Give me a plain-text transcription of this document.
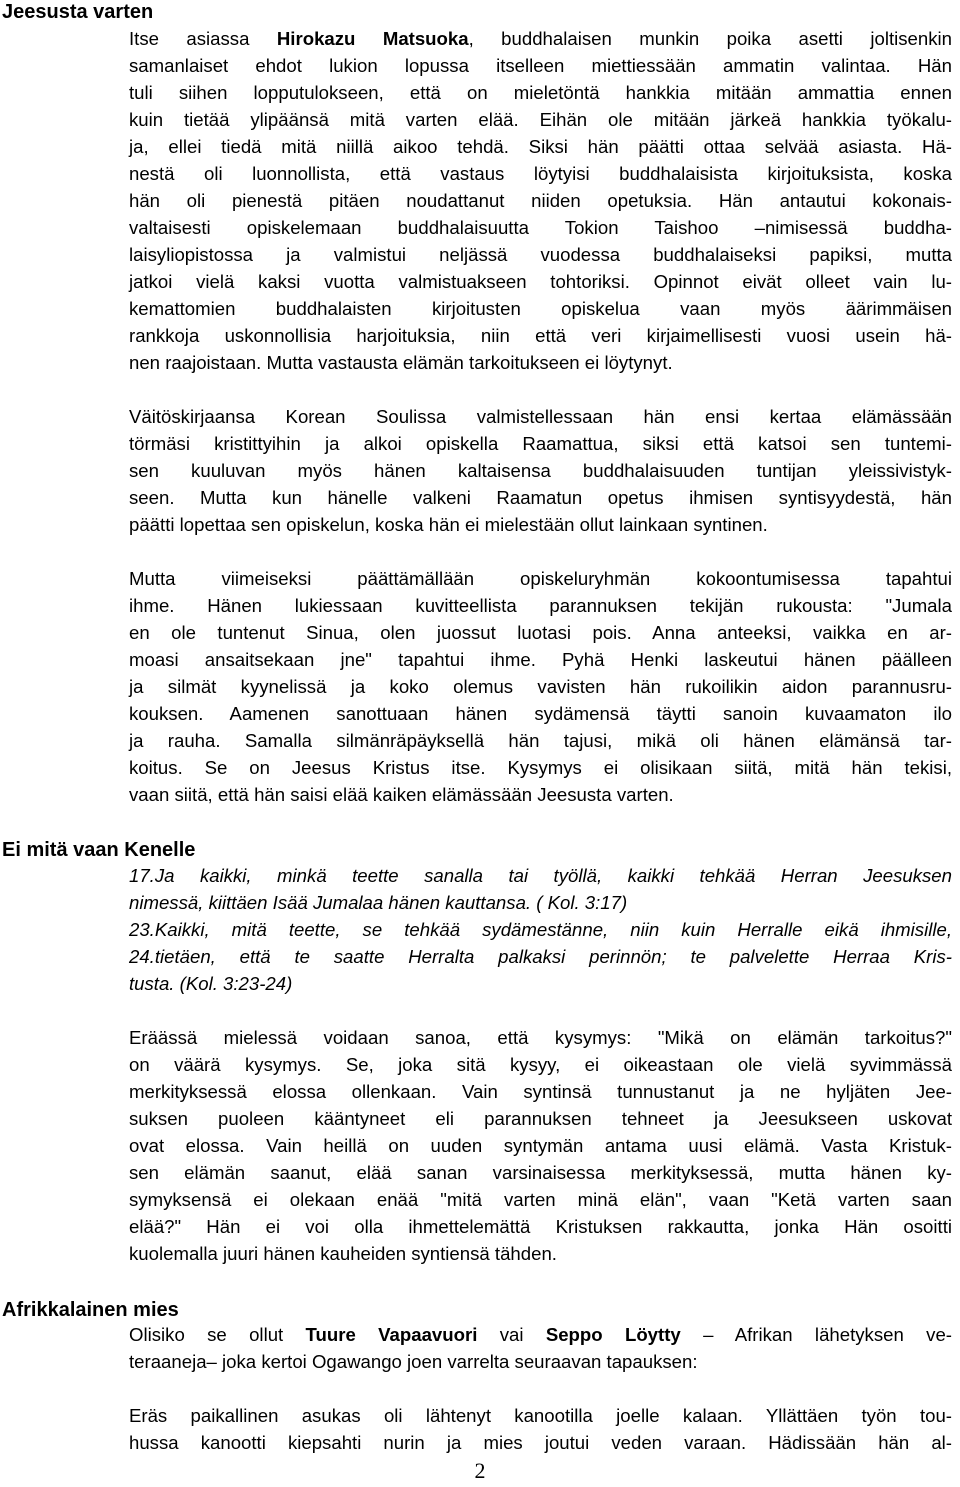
Jeesusta varten
Ei mitä vaan Kenelle
Afrikkalainen mies
Itse asiassa Hirokazu Matsuoka, buddhalaisen munkin poika asetti joltisenkin
samanlaiset ehdot lukion lopussa itselleen miettiessään ammatin valintaa. Hän
tuli siihen lopputulokseen, että on mieletöntä hankkia mitään ammattia ennen
kuin tietää ylipäänsä mitä varten elää. Eihän ole mitään järkeä hankkia työkalu-
ja, ellei tiedä mitä niillä aikoo tehdä. Siksi hän päätti ottaa selvää asiasta. Hä-
nestä oli luonnollista, että vastaus löytyisi buddhalaisista kirjoituksista, koska
hän oli pienestä pitäen noudattanut niiden opetuksia. Hän antautui kokonais-
valtaisesti opiskelemaan buddhalaisuutta Tokion Taishoo –nimisessä buddha-
laisyliopistossa ja valmistui neljässä vuodessa buddhalaiseksi papiksi, mutta
jatkoi vielä kaksi vuotta valmistuakseen tohtoriksi. Opinnot eivät olleet vain lu-
kemattomien buddhalaisten kirjoitusten opiskelua vaan myös äärimmäisen
rankkoja uskonnollisia harjoituksia, niin että veri kirjaimellisesti vuosi usein hä-
nen raajoistaan. Mutta vastausta elämän tarkoitukseen ei löytynyt.
Väitöskirjaansa Korean Soulissa valmistellessaan hän ensi kertaa elämässään
törmäsi kristittyihin ja alkoi opiskella Raamattua, siksi että katsoi sen tuntemi-
sen kuuluvan myös hänen kaltaisensa buddhalaisuuden tuntijan yleissivistyk-
seen. Mutta kun hänelle valkeni Raamatun opetus ihmisen syntisyydestä, hän
päätti lopettaa sen opiskelun, koska hän ei mielestään ollut lainkaan syntinen.
Mutta viimeiseksi päättämällään opiskeluryhmän kokoontumisessa tapahtui
ihme. Hänen lukiessaan kuvitteellista parannuksen tekijän rukousta: "Jumala
en ole tuntenut Sinua, olen juossut luotasi pois. Anna anteeksi, vaikka en ar-
moasi ansaitsekaan jne" tapahtui ihme. Pyhä Henki laskeutui hänen päälleen
ja silmät kyynelissä ja koko olemus vavisten hän rukoilikin aidon parannusru-
kouksen. Aamenen sanottuaan hänen sydämensä täytti sanoin kuvaamaton ilo
ja rauha. Samalla silmänräpäyksellä hän tajusi, mikä oli hänen elämänsä tar-
koitus. Se on Jeesus Kristus itse. Kysymys ei olisikaan siitä, mitä hän tekisi,
vaan siitä, että hän saisi elää kaiken elämässään Jeesusta varten.
17.Ja kaikki, minkä teette sanalla tai työllä, kaikki tehkää Herran Jeesuksen
nimessä, kiittäen Isää Jumalaa hänen kauttansa. ( Kol. 3:17)
23.Kaikki, mitä teette, se tehkää sydämestänne, niin kuin Herralle eikä ihmisille,
24.tietäen, että te saatte Herralta palkaksi perinnön; te palvelette Herraa Kris-
tusta. (Kol. 3:23-24)
Eräässä mielessä voidaan sanoa, että kysymys: "Mikä on elämän tarkoitus?"
on väärä kysymys. Se, joka sitä kysyy, ei oikeastaan ole vielä syvimmässä
merkityksessä elossa ollenkaan. Vain syntinsä tunnustanut ja ne hyljäten Jee-
suksen puoleen kääntyneet eli parannuksen tehneet ja Jeesukseen uskovat
ovat elossa. Vain heillä on uuden syntymän antama uusi elämä. Vasta Kristuk-
sen elämän saanut, elää sanan varsinaisessa merkityksessä, mutta hänen ky-
symyksensä ei olekaan enää "mitä varten minä elän", vaan "Ketä varten saan
elää?" Hän ei voi olla ihmettelemättä Kristuksen rakkautta, jonka Hän osoitti
kuolemalla juuri hänen kauheiden syntiensä tähden.
Olisiko se ollut Tuure Vapaavuori vai Seppo Löytty – Afrikan lähetyksen ve-
teraaneja– joka kertoi Ogawango joen varrelta seuraavan tapauksen:
Eräs paikallinen asukas oli lähtenyt kanootilla joelle kalaan. Yllättäen työn tou-
hussa kanootti kiepsahti nurin ja mies joutui veden varaan. Hädissään hän al-
2
